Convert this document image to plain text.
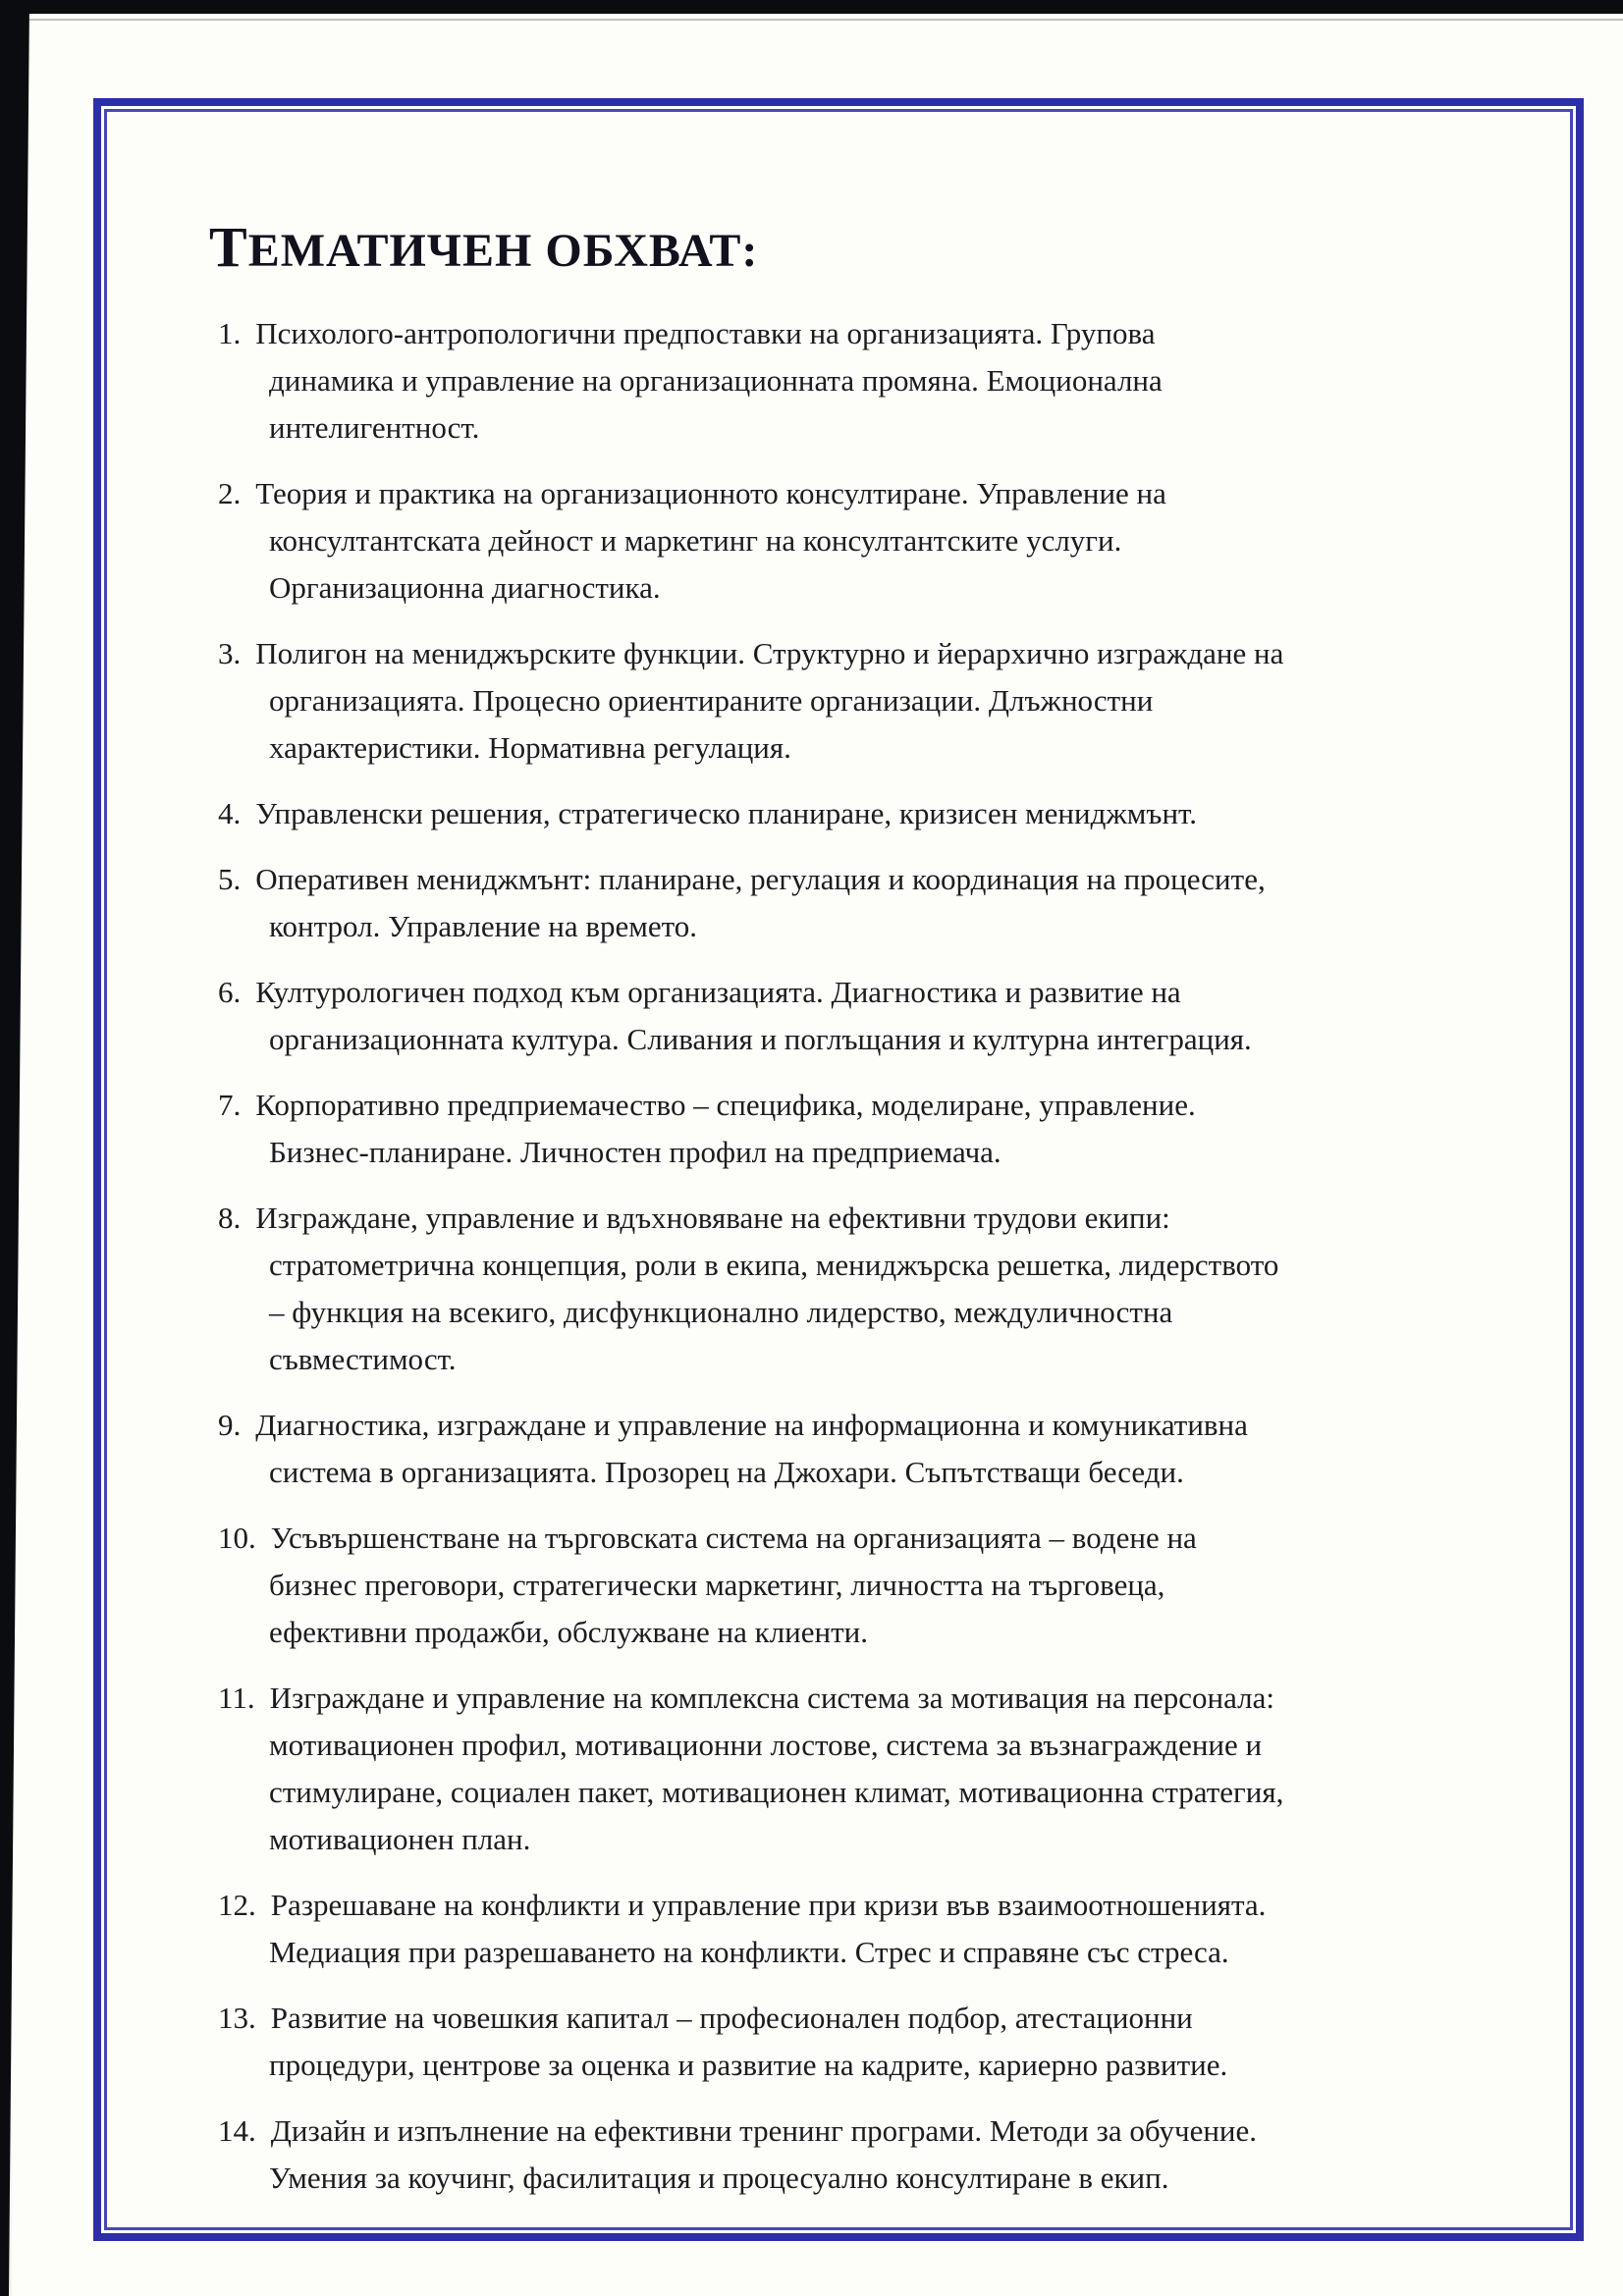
ТЕМАТИЧЕН ОБХВАТ:
1. Психолого-антропологични предпоставки на организацията. Групова
динамика и управление на организационната промяна. Емоционална
интелигентност.
2. Теория и практика на организационното консултиране. Управление на
консултантската дейност и маркетинг на консултантските услуги.
Организационна диагностика.
3. Полигон на мениджърските функции. Структурно и йерархично изграждане на
организацията. Процесно ориентираните организации. Длъжностни
характеристики. Нормативна регулация.
4. Управленски решения, стратегическо планиране, кризисен мениджмънт.
5. Оперативен мениджмънт: планиране, регулация и координация на процесите,
контрол. Управление на времето.
6. Културологичен подход към организацията. Диагностика и развитие на
организационната култура. Сливания и поглъщания и културна интеграция.
7. Корпоративно предприемачество – специфика, моделиране, управление.
Бизнес-планиране. Личностен профил на предприемача.
8. Изграждане, управление и вдъхновяване на ефективни трудови екипи:
стратометрична концепция, роли в екипа, мениджърска решетка, лидерството
– функция на всекиго, дисфункционално лидерство, междуличностна
съвместимост.
9. Диагностика, изграждане и управление на информационна и комуникативна
система в организацията. Прозорец на Джохари. Съпътстващи беседи.
10. Усъвършенстване на търговската система на организацията – водене на
бизнес преговори, стратегически маркетинг, личността на търговеца,
ефективни продажби, обслужване на клиенти.
11. Изграждане и управление на комплексна система за мотивация на персонала:
мотивационен профил, мотивационни лостове, система за възнаграждение и
стимулиране, социален пакет, мотивационен климат, мотивационна стратегия,
мотивационен план.
12. Разрешаване на конфликти и управление при кризи във взаимоотношенията.
Медиация при разрешаването на конфликти. Стрес и справяне със стреса.
13. Развитие на човешкия капитал – професионален подбор, атестационни
процедури, центрове за оценка и развитие на кадрите, кариерно развитие.
14. Дизайн и изпълнение на ефективни тренинг програми. Методи за обучение.
Умения за коучинг, фасилитация и процесуално консултиране в екип.
